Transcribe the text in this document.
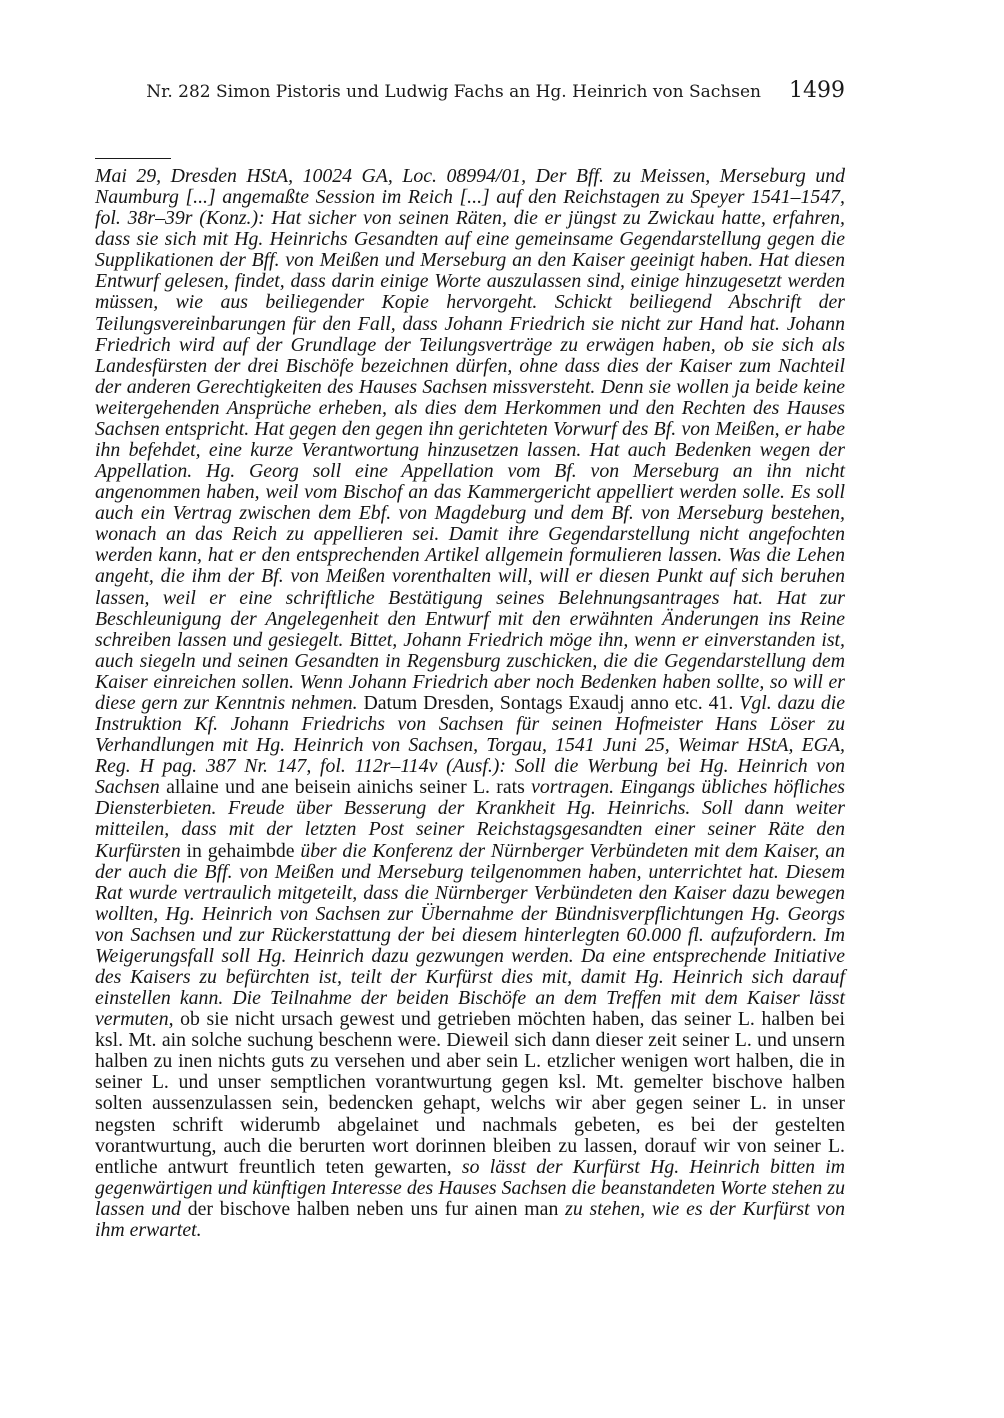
Nr. 282 Simon Pistoris und Ludwig Fachs an Hg. Heinrich von Sachsen 1499
Mai 29, Dresden HStA, 10024 GA, Loc. 08994/01, Der Bff. zu Meissen, Merseburg und Naumburg [...] angemaßte Session im Reich [...] auf den Reichstagen zu Speyer 1541–1547, fol. 38r–39r (Konz.): Hat sicher von seinen Räten, die er jüngst zu Zwickau hatte, erfahren, dass sie sich mit Hg. Heinrichs Gesandten auf eine gemeinsame Gegendarstellung gegen die Supplikationen der Bff. von Meißen und Merseburg an den Kaiser geeinigt haben. Hat diesen Entwurf gelesen, findet, dass darin einige Worte auszulassen sind, einige hinzugesetzt werden müssen, wie aus beiliegender Kopie hervorgeht. Schickt beiliegend Abschrift der Teilungsvereinbarungen für den Fall, dass Johann Friedrich sie nicht zur Hand hat. Johann Friedrich wird auf der Grundlage der Teilungsverträge zu erwägen haben, ob sie sich als Landesfürsten der drei Bischöfe bezeichnen dürfen, ohne dass dies der Kaiser zum Nachteil der anderen Gerechtigkeiten des Hauses Sachsen missversteht. Denn sie wollen ja beide keine weitergehenden Ansprüche erheben, als dies dem Herkommen und den Rechten des Hauses Sachsen entspricht. Hat gegen den gegen ihn gerichteten Vorwurf des Bf. von Meißen, er habe ihn befehdet, eine kurze Verantwortung hinzusetzen lassen. Hat auch Bedenken wegen der Appellation. Hg. Georg soll eine Appellation vom Bf. von Merseburg an ihn nicht angenommen haben, weil vom Bischof an das Kammergericht appelliert werden solle. Es soll auch ein Vertrag zwischen dem Ebf. von Magdeburg und dem Bf. von Merseburg bestehen, wonach an das Reich zu appellieren sei. Damit ihre Gegendarstellung nicht angefochten werden kann, hat er den entsprechenden Artikel allgemein formulieren lassen. Was die Lehen angeht, die ihm der Bf. von Meißen vorenthalten will, will er diesen Punkt auf sich beruhen lassen, weil er eine schriftliche Bestätigung seines Belehnungsantrages hat. Hat zur Beschleunigung der Angelegenheit den Entwurf mit den erwähnten Änderungen ins Reine schreiben lassen und gesiegelt. Bittet, Johann Friedrich möge ihn, wenn er einverstanden ist, auch siegeln und seinen Gesandten in Regensburg zuschicken, die die Gegendarstellung dem Kaiser einreichen sollen. Wenn Johann Friedrich aber noch Bedenken haben sollte, so will er diese gern zur Kenntnis nehmen. Datum Dresden, Sontags Exaudj anno etc. 41. Vgl. dazu die Instruktion Kf. Johann Friedrichs von Sachsen für seinen Hofmeister Hans Löser zu Verhandlungen mit Hg. Heinrich von Sachsen, Torgau, 1541 Juni 25, Weimar HStA, EGA, Reg. H pag. 387 Nr. 147, fol. 112r–114v (Ausf.): Soll die Werbung bei Hg. Heinrich von Sachsen allaine und ane beisein ainichs seiner L. rats vortragen. Eingangs übliches höfliches Diensterbieten. Freude über Besserung der Krankheit Hg. Heinrichs. Soll dann weiter mitteilen, dass mit der letzten Post seiner Reichstagsgesandten einer seiner Räte den Kurfürsten in gehaimbde über die Konferenz der Nürnberger Verbündeten mit dem Kaiser, an der auch die Bff. von Meißen und Merseburg teilgenommen haben, unterrichtet hat. Diesem Rat wurde vertraulich mitgeteilt, dass die Nürnberger Verbündeten den Kaiser dazu bewegen wollten, Hg. Heinrich von Sachsen zur Übernahme der Bündnisverpflichtungen Hg. Georgs von Sachsen und zur Rückerstattung der bei diesem hinterlegten 60.000 fl. aufzufordern. Im Weigerungsfall soll Hg. Heinrich dazu gezwungen werden. Da eine entsprechende Initiative des Kaisers zu befürchten ist, teilt der Kurfürst dies mit, damit Hg. Heinrich sich darauf einstellen kann. Die Teilnahme der beiden Bischöfe an dem Treffen mit dem Kaiser lässt vermuten, ob sie nicht ursach gewest und getrieben möchten haben, das seiner L. halben bei ksl. Mt. ain solche suchung beschenn were. Dieweil sich dann dieser zeit seiner L. und unsern halben zu inen nichts guts zu versehen und aber sein L. etzlicher wenigen wort halben, die in seiner L. und unser semptlichen vorantwurtung gegen ksl. Mt. gemelter bischove halben solten aussenzulassen sein, bedencken gehapt, welchs wir aber gegen seiner L. in unser negsten schrift widerumb abgelainet und nachmals gebeten, es bei der gestelten vorantwurtung, auch die berurten wort dorinnen bleiben zu lassen, dorauf wir von seiner L. entliche antwurt freuntlich teten gewarten, so lässt der Kurfürst Hg. Heinrich bitten im gegenwärtigen und künftigen Interesse des Hauses Sachsen die beanstandeten Worte stehen zu lassen und der bischove halben neben uns fur ainen man zu stehen, wie es der Kurfürst von ihm erwartet.
